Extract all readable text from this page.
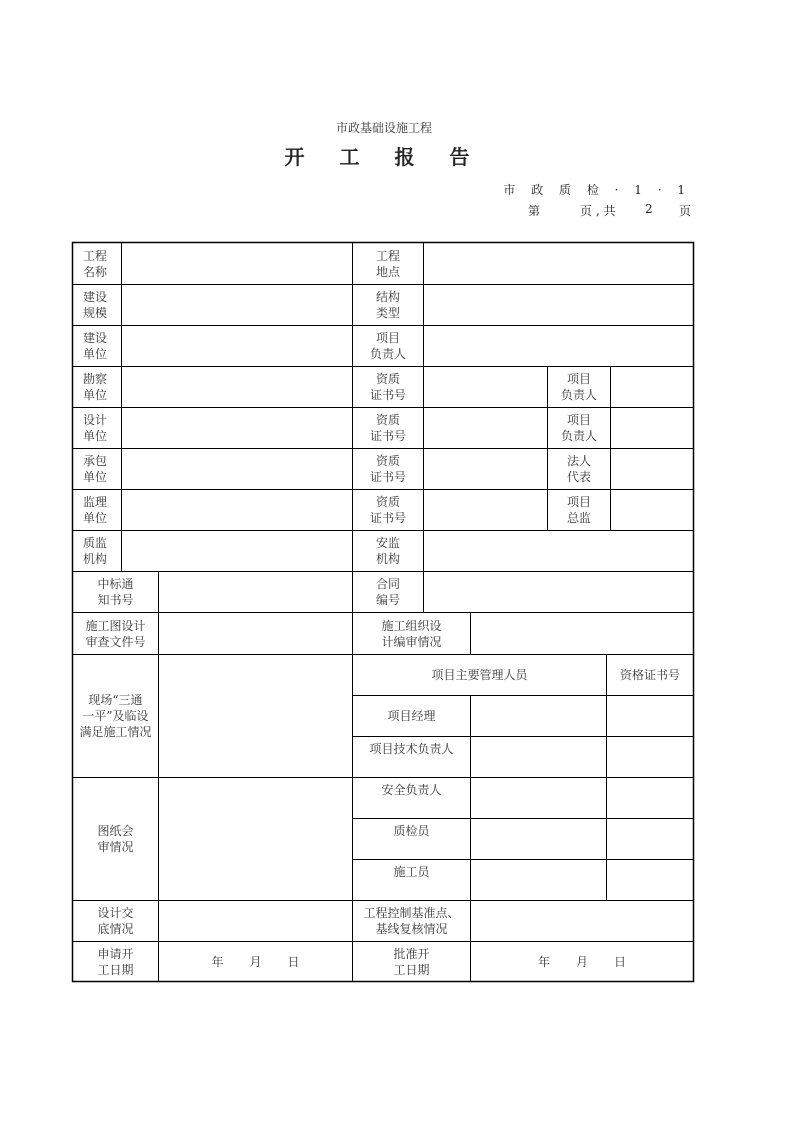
市政基础设施工程
开 工 报 告
市 政 质 检 · 1 · 1
第	页 , 共 2 页
工程
名称
工程
地点
建设
规模
结构
类型
建设
单位
项目
负责人
勘察
单位
资质
证书号
项目
负责人
设计
单位
资质
证书号
项目
负责人
承包
单位
资质
证书号
法人
代表
监理
单位
资质
证书号
项目
总监
质监
机构
安监
机构
中标通
知书号
合同
编号
施工图设计
审查文件号
施工组织设
计编审情况
现场“三通
一平”及临设
满足施工情况
项目主要管理人员	资格证书号
项目经理
项目技术负责人
图纸会
审情况
安全负责人
质检员
施工员
设计交
底情况
工程控制基准点、
基线复核情况
申请开
工日期
年 月 日
批准开
工日期
年 月 日
